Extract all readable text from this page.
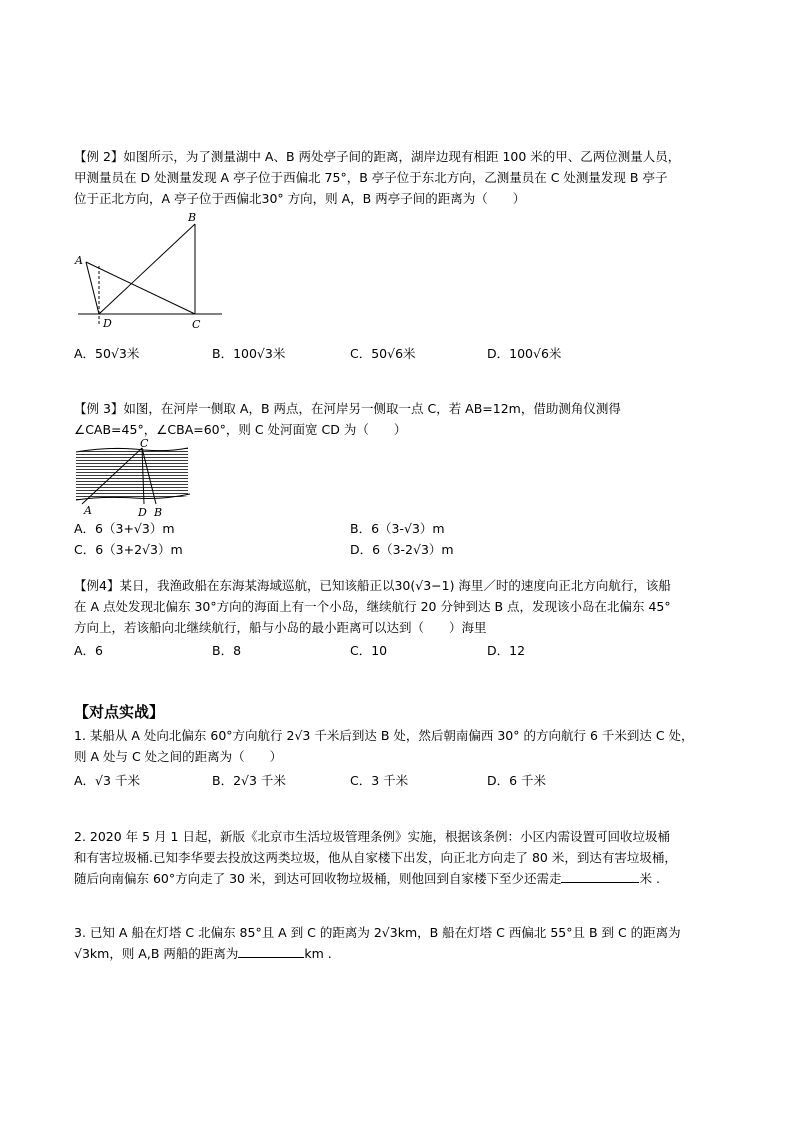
【例 2】如图所示，为了测量湖中 A、B 两处亭子间的距离，湖岸边现有相距 100 米的甲、乙两位测量人员，
甲测量员在 D 处测量发现 A 亭子位于西偏北 75°，B 亭子位于东北方向，乙测量员在 C 处测量发现 B 亭子
位于正北方向，A 亭子位于西偏北30° 方向，则 A，B 两亭子间的距离为（　　）
A
B
C
D
A．50√3米	B．100√3米	C．50√6米	D．100√6米
【例 3】如图，在河岸一侧取 A，B 两点，在河岸另一侧取一点 C，若 AB=12m，借助测角仪测得
∠CAB=45°，∠CBA=60°，则 C 处河面宽 CD 为（　　）
C
A	D B
A．6（3+√3）m	B．6（3-√3）m
C．6（3+2√3）m	D．6（3-2√3）m
【例4】某日，我渔政船在东海某海域巡航，已知该船正以30(√3−1) 海里／时的速度向正北方向航行，该船
在 A 点处发现北偏东 30°方向的海面上有一个小岛，继续航行 20 分钟到达 B 点，发现该小岛在北偏东 45°
方向上，若该船向北继续航行，船与小岛的最小距离可以达到（　　）海里
A．6	B．8	C．10	D．12
【对点实战】
1. 某船从 A 处向北偏东 60°方向航行 2√3 千米后到达 B 处，然后朝南偏西 30° 的方向航行 6 千米到达 C 处，
则 A 处与 C 处之间的距离为（　　）
A．√3 千米	B．2√3 千米	C．3 千米	D．6 千米
2. 2020 年 5 月 1 日起，新版《北京市生活垃圾管理条例》实施，根据该条例：小区内需设置可回收垃圾桶
和有害垃圾桶.已知李华要去投放这两类垃圾，他从自家楼下出发，向正北方向走了 80 米，到达有害垃圾桶，
随后向南偏东 60°方向走了 30 米，到达可回收物垃圾桶，则他回到自家楼下至少还需走	米 .
3. 已知 A 船在灯塔 C 北偏东 85°且 A 到 C 的距离为 2√3km，B 船在灯塔 C 西偏北 55°且 B 到 C 的距离为
√3km，则 A,B 两船的距离为	km .
